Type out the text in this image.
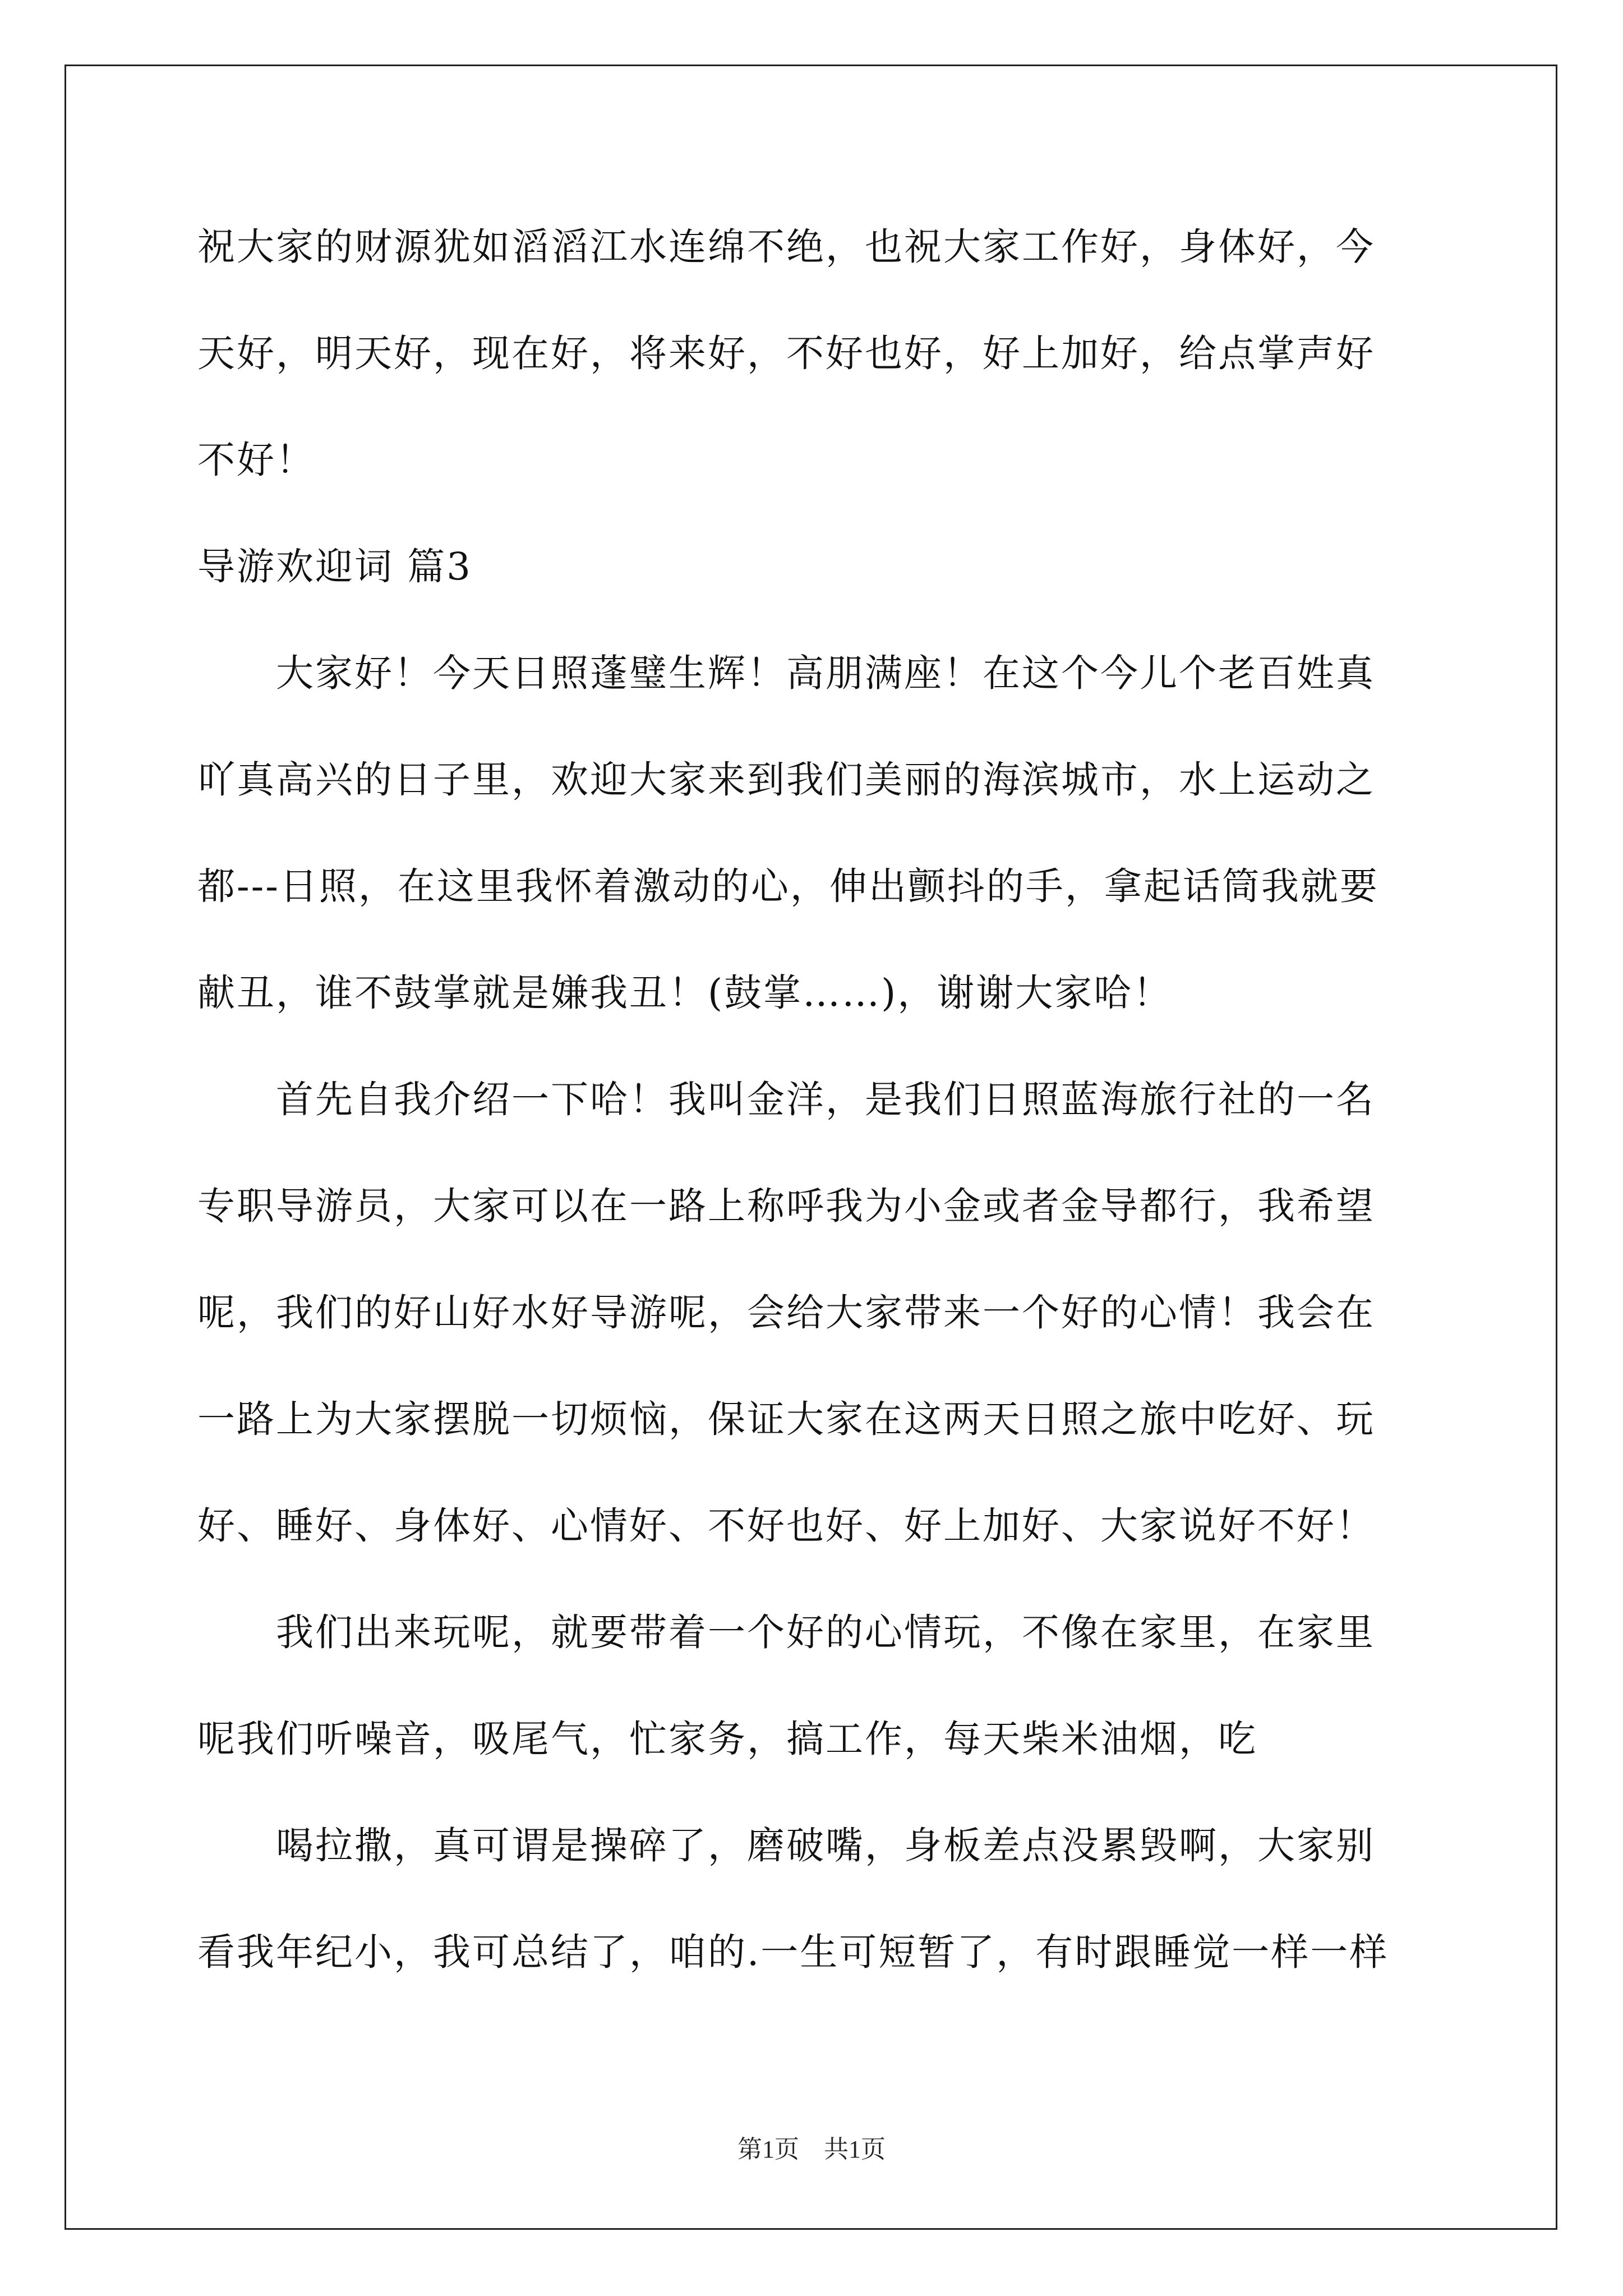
祝大家的财源犹如滔滔江水连绵不绝，也祝大家工作好，身体好，今
天好，明天好，现在好，将来好，不好也好，好上加好，给点掌声好
不好！
导游欢迎词 篇3
　　大家好！今天日照蓬璧生辉！高朋满座！在这个今儿个老百姓真
吖真高兴的日子里，欢迎大家来到我们美丽的海滨城市，水上运动之
都---日照，在这里我怀着激动的心，伸出颤抖的手，拿起话筒我就要
献丑，谁不鼓掌就是嫌我丑！(鼓掌……)，谢谢大家哈！
　　首先自我介绍一下哈！我叫金洋，是我们日照蓝海旅行社的一名
专职导游员，大家可以在一路上称呼我为小金或者金导都行，我希望
呢，我们的好山好水好导游呢，会给大家带来一个好的心情！我会在
一路上为大家摆脱一切烦恼，保证大家在这两天日照之旅中吃好、玩
好、睡好、身体好、心情好、不好也好、好上加好、大家说好不好！
　　我们出来玩呢，就要带着一个好的心情玩，不像在家里，在家里
呢我们听噪音，吸尾气，忙家务，搞工作，每天柴米油烟，吃
　　喝拉撒，真可谓是操碎了，磨破嘴，身板差点没累毁啊，大家别
看我年纪小，我可总结了，咱的.一生可短暂了，有时跟睡觉一样一样
第1页　共1页
